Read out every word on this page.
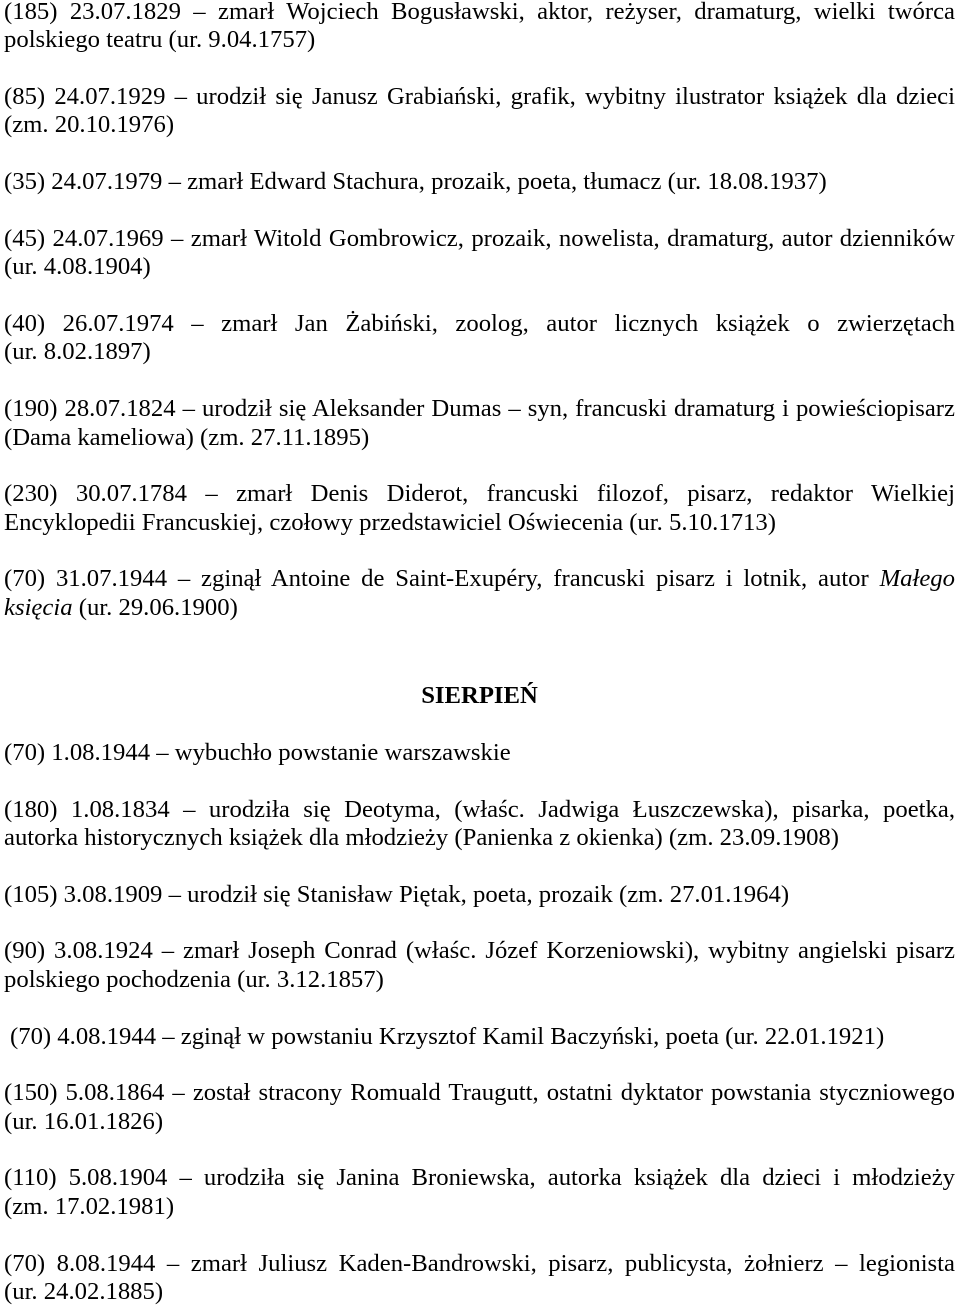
(185) 23.07.1829 – zmarł Wojciech Bogusławski, aktor, reżyser, dramaturg, wielki twórca
polskiego teatru (ur. 9.04.1757)
(85) 24.07.1929 – urodził się Janusz Grabiański, grafik, wybitny ilustrator książek dla dzieci
(zm. 20.10.1976)
(35) 24.07.1979 – zmarł Edward Stachura, prozaik, poeta, tłumacz (ur. 18.08.1937)
(45) 24.07.1969 – zmarł Witold Gombrowicz, prozaik, nowelista, dramaturg, autor dzienników
(ur. 4.08.1904)
(40) 26.07.1974 – zmarł Jan Żabiński, zoolog, autor licznych książek o zwierzętach
(ur. 8.02.1897)
(190) 28.07.1824 – urodził się Aleksander Dumas – syn, francuski dramaturg i powieściopisarz
(Dama kameliowa) (zm. 27.11.1895)
(230) 30.07.1784 – zmarł Denis Diderot, francuski filozof, pisarz, redaktor Wielkiej
Encyklopedii Francuskiej, czołowy przedstawiciel Oświecenia (ur. 5.10.1713)
(70) 31.07.1944 – zginął Antoine de Saint-Exupéry, francuski pisarz i lotnik, autor Małego
księcia (ur. 29.06.1900)
SIERPIEŃ
(70) 1.08.1944 – wybuchło powstanie warszawskie
(180) 1.08.1834 – urodziła się Deotyma, (właśc. Jadwiga Łuszczewska), pisarka, poetka,
autorka historycznych książek dla młodzieży (Panienka z okienka) (zm. 23.09.1908)
(105) 3.08.1909 – urodził się Stanisław Piętak, poeta, prozaik (zm. 27.01.1964)
(90) 3.08.1924 – zmarł Joseph Conrad (właśc. Józef Korzeniowski), wybitny angielski pisarz
polskiego pochodzenia (ur. 3.12.1857)
(70) 4.08.1944 – zginął w powstaniu Krzysztof Kamil Baczyński, poeta (ur. 22.01.1921)
(150) 5.08.1864 – został stracony Romuald Traugutt, ostatni dyktator powstania styczniowego
(ur. 16.01.1826)
(110) 5.08.1904 – urodziła się Janina Broniewska, autorka książek dla dzieci i młodzieży
(zm. 17.02.1981)
(70) 8.08.1944 – zmarł Juliusz Kaden-Bandrowski, pisarz, publicysta, żołnierz – legionista
(ur. 24.02.1885)
